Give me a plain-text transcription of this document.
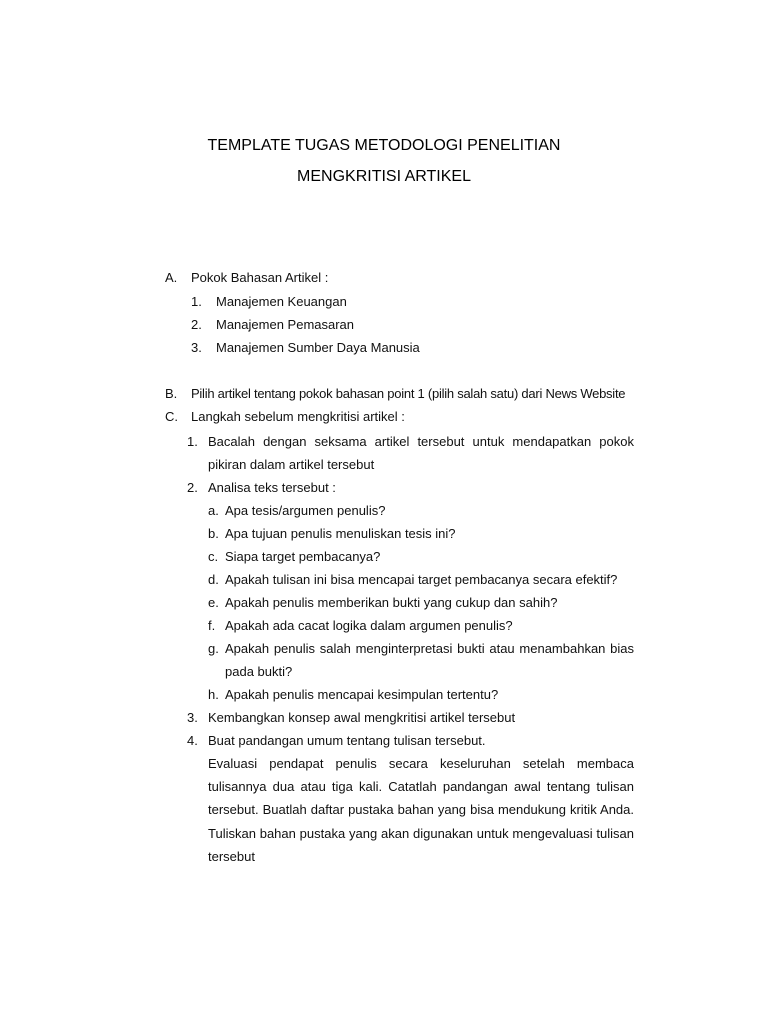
TEMPLATE TUGAS METODOLOGI PENELITIAN
MENGKRITISI ARTIKEL
A. Pokok Bahasan Artikel :
1. Manajemen Keuangan
2. Manajemen Pemasaran
3. Manajemen Sumber Daya Manusia
B. Pilih artikel tentang pokok bahasan point 1 (pilih salah satu) dari News Website
C. Langkah sebelum mengkritisi artikel :
1. Bacalah dengan seksama artikel tersebut untuk mendapatkan pokok
pikiran dalam artikel tersebut
2. Analisa teks tersebut :
a. Apa tesis/argumen penulis?
b. Apa tujuan penulis menuliskan tesis ini?
c. Siapa target pembacanya?
d. Apakah tulisan ini bisa mencapai target pembacanya secara efektif?
e. Apakah penulis memberikan bukti yang cukup dan sahih?
f. Apakah ada cacat logika dalam argumen penulis?
g. Apakah penulis salah menginterpretasi bukti atau menambahkan bias
pada bukti?
h. Apakah penulis mencapai kesimpulan tertentu?
3. Kembangkan konsep awal mengkritisi artikel tersebut
4. Buat pandangan umum tentang tulisan tersebut.
Evaluasi pendapat penulis secara keseluruhan setelah membaca
tulisannya dua atau tiga kali. Catatlah pandangan awal tentang tulisan
tersebut. Buatlah daftar pustaka bahan yang bisa mendukung kritik Anda.
Tuliskan bahan pustaka yang akan digunakan untuk mengevaluasi tulisan
tersebut
